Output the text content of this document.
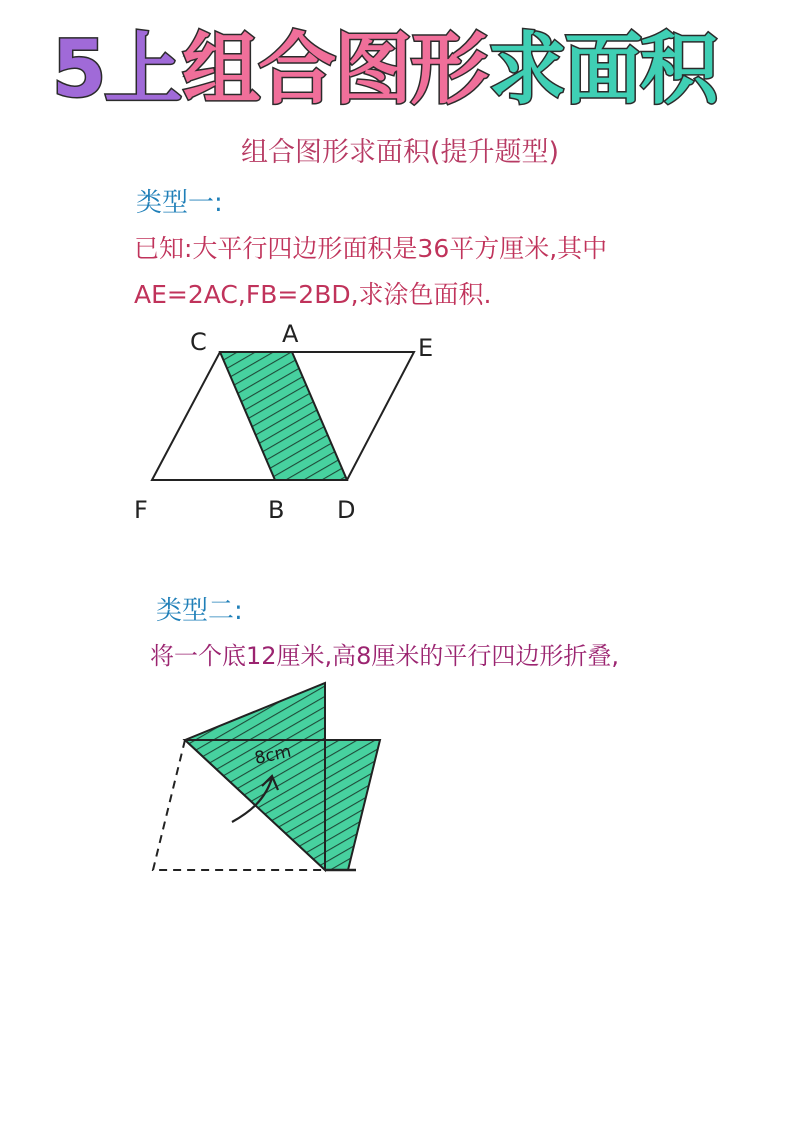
5上 组合图形 求面积
组合图形求面积(提升题型)
类型一:
已知:大平行四边形面积是36平方厘米,其中
AE=2AC,FB=2BD,求涂色面积.
C	A	E
F	B D
8cm
类型二:
将一个底12厘米,高8厘米的平行四边形折叠,
